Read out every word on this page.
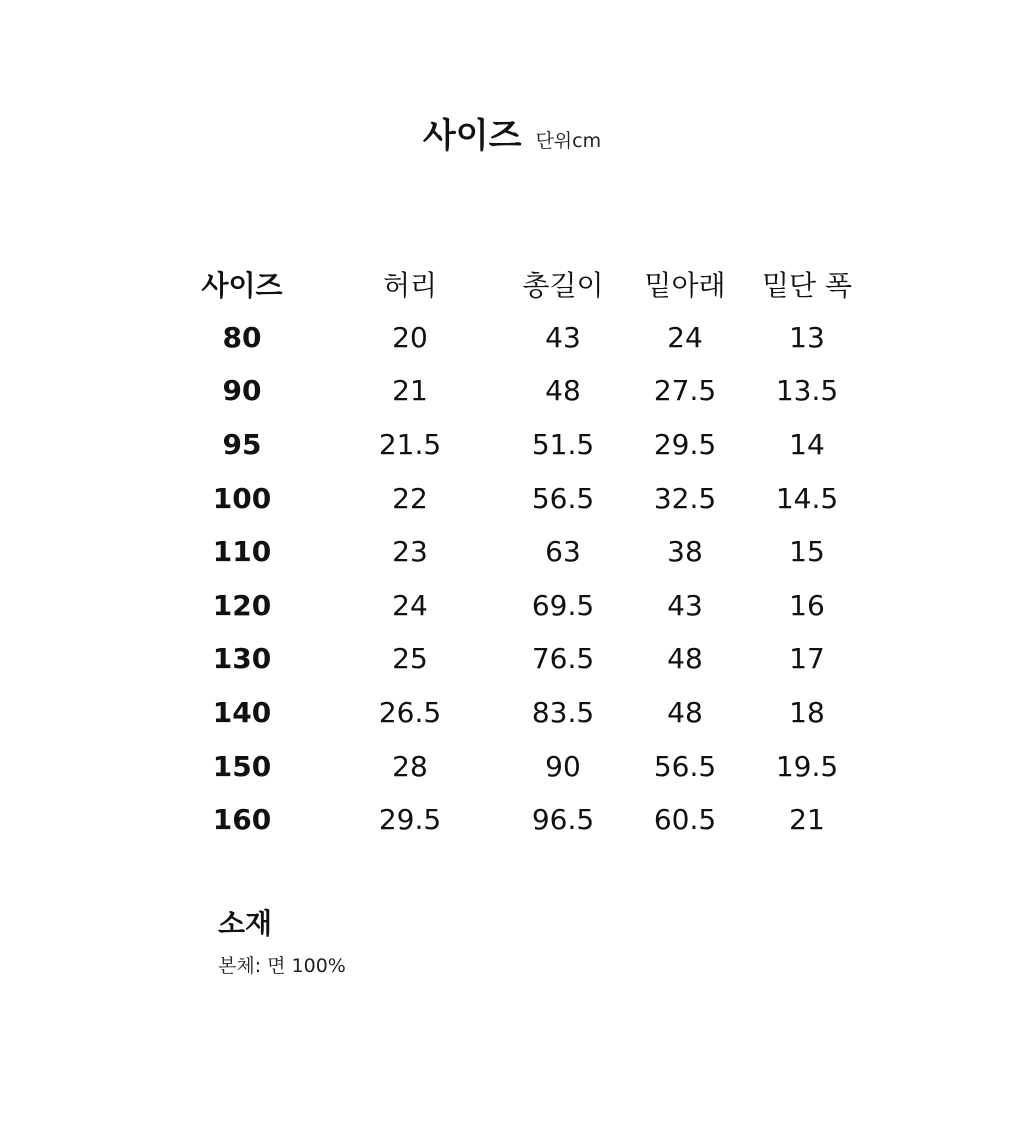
사이즈 단위cm
사이즈	허리	총길이	밑아래	밑단 폭
80	20	43	24	13
90	21	48	27.5	13.5
95	21.5	51.5	29.5	14
100	22	56.5	32.5	14.5
110	23	63	38	15
120	24	69.5	43	16
130	25	76.5	48	17
140	26.5	83.5	48	18
150	28	90	56.5	19.5
160	29.5	96.5	60.5	21
소재
본체: 면 100%
